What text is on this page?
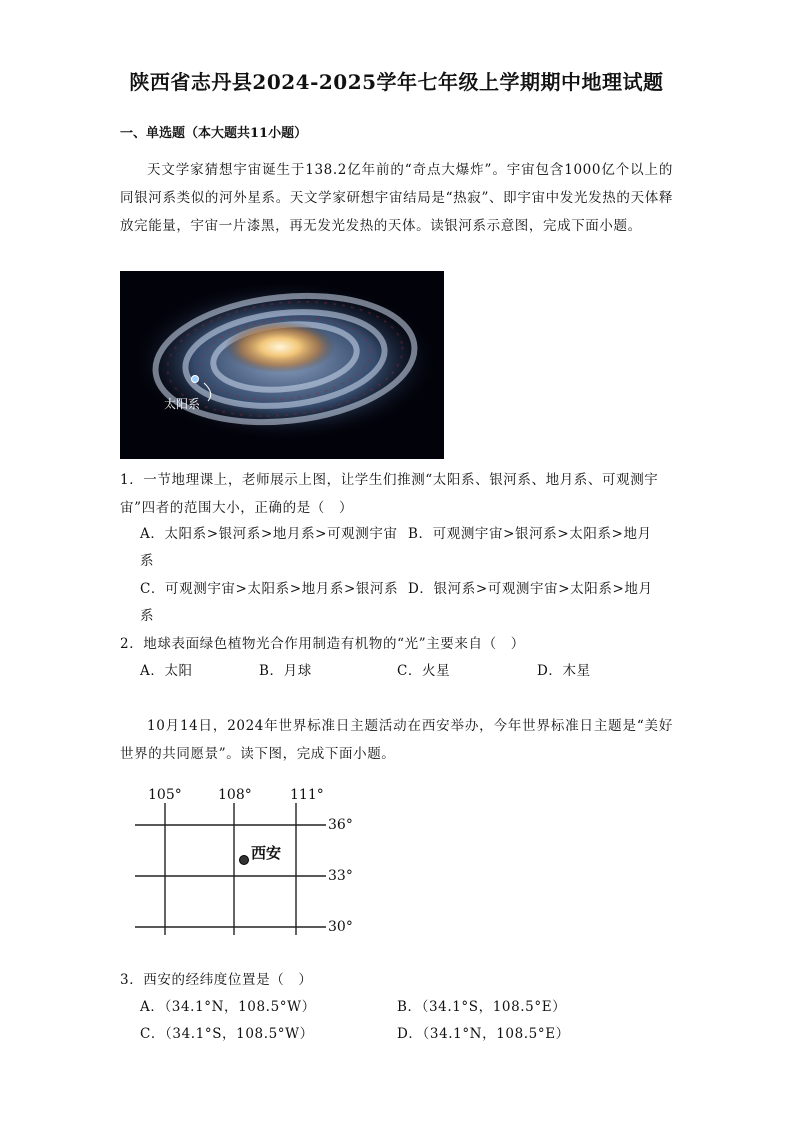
陕西省志丹县2024-2025学年七年级上学期期中地理试题
一、单选题（本大题共11小题）
天文学家猜想宇宙诞生于138.2亿年前的“奇点大爆炸”。宇宙包含1000亿个以上的同银河系类似的河外星系。天文学家研想宇宙结局是“热寂”、即宇宙中发光发热的天体释放完能量，宇宙一片漆黑，再无发光发热的天体。读银河系示意图，完成下面小题。
太阳系
1．一节地理课上，老师展示上图，让学生们推测“太阳系、银河系、地月系、可观测宇宙”四者的范围大小，正确的是（　）
A．太阳系>银河系>地月系>可观测宇宙 B．可观测宇宙>银河系>太阳系>地月
系
C．可观测宇宙>太阳系>地月系>银河系 D．银河系>可观测宇宙>太阳系>地月
系
2．地球表面绿色植物光合作用制造有机物的“光”主要来自（　）
A．太阳	B．月球	C．火星	D．木星
10月14日，2024年世界标准日主题活动在西安举办，今年世界标准日主题是“美好世界的共同愿景”。读下图，完成下面小题。
105°	108°	111°
36°
33°
30°
西安
3．西安的经纬度位置是（　）
A．（34.1°N，108.5°W）	B．（34.1°S，108.5°E）
C．（34.1°S，108.5°W）	D．（34.1°N，108.5°E）
